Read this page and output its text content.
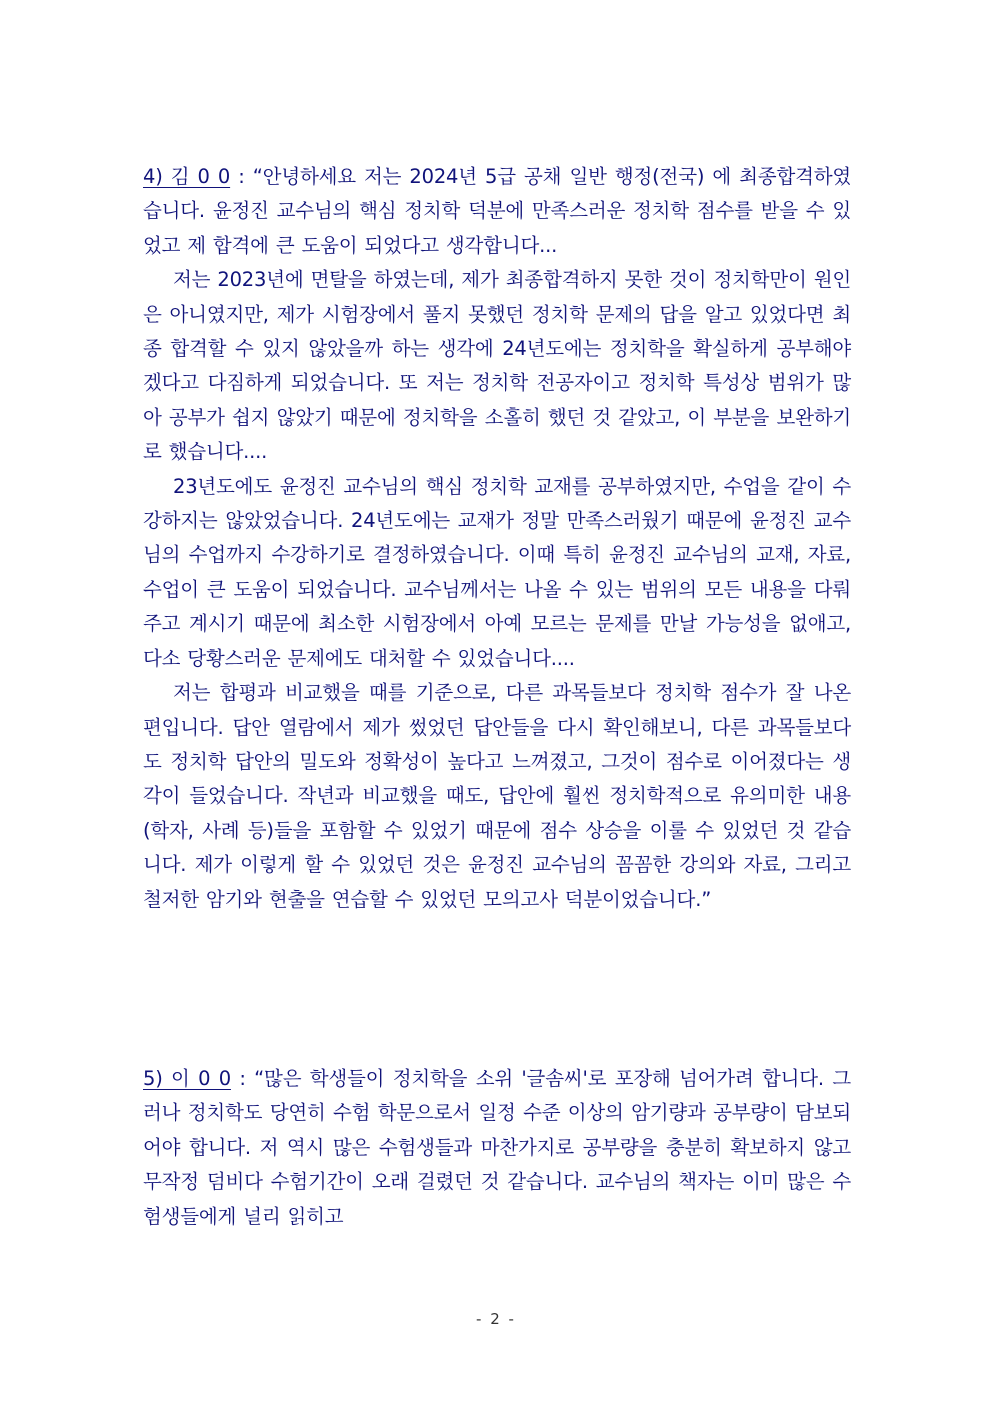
4) 김 0 0 : “안녕하세요 저는 2024년 5급 공채 일반 행정(전국) 에 최종합격하였습니다. 윤정진 교수님의 핵심 정치학 덕분에 만족스러운 정치학 점수를 받을 수 있었고 제 합격에 큰 도움이 되었다고 생각합니다...

저는 2023년에 면탈을 하였는데, 제가 최종합격하지 못한 것이 정치학만이 원인은 아니였지만, 제가 시험장에서 풀지 못했던 정치학 문제의 답을 알고 있었다면 최종 합격할 수 있지 않았을까 하는 생각에 24년도에는 정치학을 확실하게 공부해야겠다고 다짐하게 되었습니다. 또 저는 정치학 전공자이고 정치학 특성상 범위가 많아 공부가 쉽지 않았기 때문에 정치학을 소홀히 했던 것 같았고, 이 부분을 보완하기로 했습니다....

23년도에도 윤정진 교수님의 핵심 정치학 교재를 공부하였지만, 수업을 같이 수강하지는 않았었습니다. 24년도에는 교재가 정말 만족스러웠기 때문에 윤정진 교수님의 수업까지 수강하기로 결정하였습니다. 이때 특히 윤정진 교수님의 교재, 자료, 수업이 큰 도움이 되었습니다. 교수님께서는 나올 수 있는 범위의 모든 내용을 다뤄주고 계시기 때문에 최소한 시험장에서 아예 모르는 문제를 만날 가능성을 없애고, 다소 당황스러운 문제에도 대처할 수 있었습니다....

저는 합평과 비교했을 때를 기준으로, 다른 과목들보다 정치학 점수가 잘 나온 편입니다. 답안 열람에서 제가 썼었던 답안들을 다시 확인해보니, 다른 과목들보다도 정치학 답안의 밀도와 정확성이 높다고 느껴졌고, 그것이 점수로 이어졌다는 생각이 들었습니다. 작년과 비교했을 때도, 답안에 훨씬 정치학적으로 유의미한 내용(학자, 사례 등)들을 포함할 수 있었기 때문에 점수 상승을 이룰 수 있었던 것 같습니다. 제가 이렇게 할 수 있었던 것은 윤정진 교수님의 꼼꼼한 강의와 자료, 그리고 철저한 암기와 현출을 연습할 수 있었던 모의고사 덕분이었습니다.”

5) 이 0 0 : “많은 학생들이 정치학을 소위 '글솜씨'로 포장해 넘어가려 합니다. 그러나 정치학도 당연히 수험 학문으로서 일정 수준 이상의 암기량과 공부량이 담보되어야 합니다. 저 역시 많은 수험생들과 마찬가지로 공부량을 충분히 확보하지 않고 무작정 덤비다 수험기간이 오래 걸렸던 것 같습니다. 교수님의 책자는 이미 많은 수험생들에게 널리 읽히고

- 2 -
